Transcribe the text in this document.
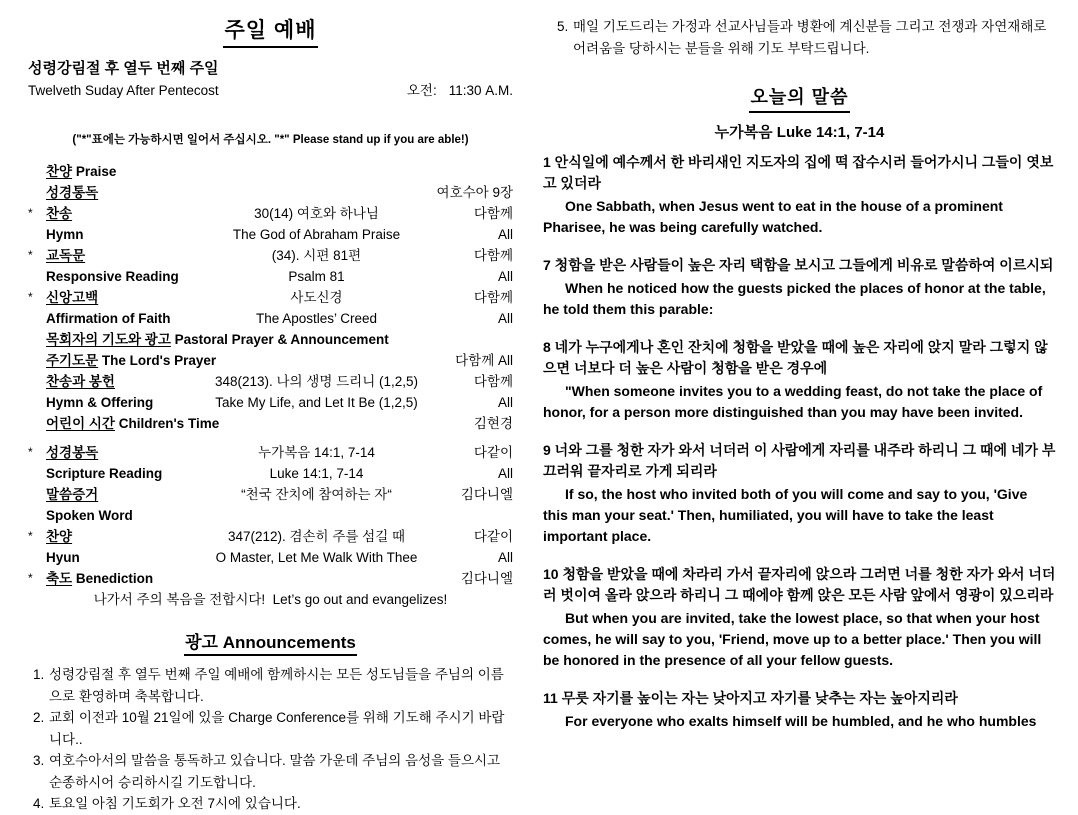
주일 예배
성령강림절 후 열두 번째 주일
Twelveth Suday After Pentecost	오전: 11:30 A.M.
("*"표에는 가능하시면 일어서 주십시오. "*" Please stand up if you are able!)
찬양 Praise
성경통독	여호수아 9장
* 찬송	30(14) 여호와 하나님	다함께
Hymn	The God of Abraham Praise	All
* 교독문	(34). 시편 81편	다함께
Responsive Reading	Psalm 81	All
* 신앙고백	사도신경	다함께
Affirmation of Faith	The Apostles’ Creed	All
목회자의 기도와 광고 Pastoral Prayer & Announcement
주기도문 The Lord's Prayer	다함께 All
찬송과 봉헌	348(213). 나의 생명 드리니 (1,2,5)	다함께
Hymn & Offering	Take My Life, and Let It Be (1,2,5)	All
어린이 시간 Children's Time	김현경
* 성경봉독	누가복음 14:1, 7-14	다같이
Scripture Reading	Luke 14:1, 7-14	All
말씀증거	“천국 잔치에 참여하는 자“	김다니엘
Spoken Word
* 찬양	347(212). 겸손히 주를 섬길 때	다같이
Hyun	O Master, Let Me Walk With Thee	All
* 축도 Benediction	김다니엘
나가서 주의 복음을 전합시다!  Let’s go out and evangelizes!
광고 Announcements
1. 성령강림절 후 열두 번째 주일 예배에 함께하시는 모든 성도님들을 주님의 이름으로 환영하며 축복합니다.
2. 교회 이전과 10월 21일에 있을 Charge Conference를 위해 기도해 주시기 바랍니다..
3. 여호수아서의 말씀을 통독하고 있습니다. 말씀 가운데 주님의 음성을 들으시고 순종하시어 승리하시길 기도합니다.
4. 토요일 아침 기도회가 오전 7시에 있습니다.
5. 매일 기도드리는 가정과 선교사님들과 병환에 계신분들 그리고 전쟁과 자연재해로 어려움을 당하시는 분들을 위해 기도 부탁드립니다.
오늘의 말씀
누가복음 Luke 14:1, 7-14
1 안식일에 예수께서 한 바리새인 지도자의 집에 떡 잡수시러 들어가시니 그들이 엿보고 있더라
One Sabbath, when Jesus went to eat in the house of a prominent Pharisee, he was being carefully watched.
7 청함을 받은 사람들이 높은 자리 택함을 보시고 그들에게 비유로 말씀하여 이르시되
When he noticed how the guests picked the places of honor at the table, he told them this parable:
8 네가 누구에게나 혼인 잔치에 청함을 받았을 때에 높은 자리에 앉지 말라 그렇지 않으면 너보다 더 높은 사람이 청함을 받은 경우에
"When someone invites you to a wedding feast, do not take the place of honor, for a person more distinguished than you may have been invited.
9 너와 그를 청한 자가 와서 너더러 이 사람에게 자리를 내주라 하리니 그 때에 네가 부끄러워 끝자리로 가게 되리라
If so, the host who invited both of you will come and say to you, 'Give this man your seat.' Then, humiliated, you will have to take the least important place.
10 청함을 받았을 때에 차라리 가서 끝자리에 앉으라 그러면 너를 청한 자가 와서 너더러 벗이여 올라 앉으라 하리니 그 때에야 함께 앉은 모든 사람 앞에서 영광이 있으리라
But when you are invited, take the lowest place, so that when your host comes, he will say to you, 'Friend, move up to a better place.' Then you will be honored in the presence of all your fellow guests.
11 무릇 자기를 높이는 자는 낮아지고 자기를 낮추는 자는 높아지리라
For everyone who exalts himself will be humbled, and he who humbles
